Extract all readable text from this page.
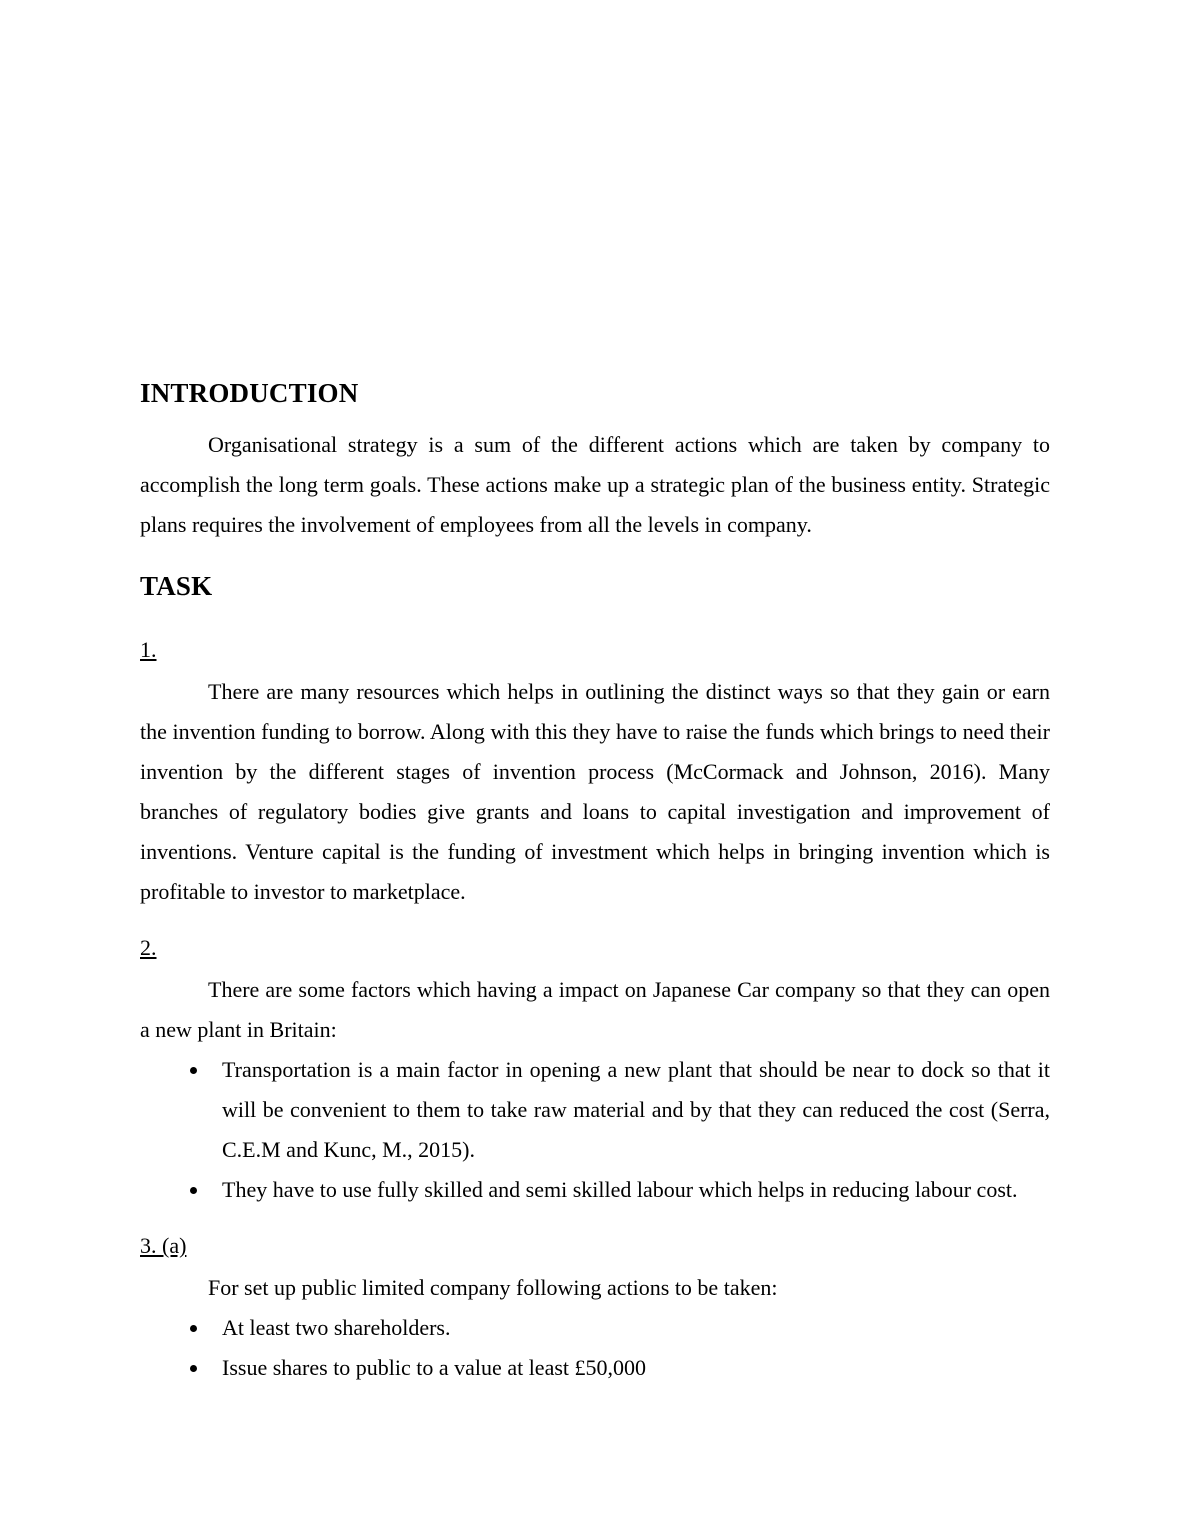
INTRODUCTION

Organisational strategy is a sum of the different actions which are taken by company to accomplish the long term goals. These actions make up a strategic plan of the business entity. Strategic plans requires the involvement of employees from all the levels in company.

TASK
1.

There are many resources which helps in outlining the distinct ways so that they gain or earn the invention funding to borrow. Along with this they have to raise the funds which brings to need their invention by the different stages of invention process (McCormack and Johnson, 2016). Many branches of regulatory bodies give grants and loans to capital investigation and improvement of inventions. Venture capital is the funding of investment which helps in bringing invention which is profitable to investor to marketplace.

2.

There are some factors which having a impact on Japanese Car company so that they can open a new plant in Britain:

• Transportation is a main factor in opening a new plant that should be near to dock so that it will be convenient to them to take raw material and by that they can reduced the cost (Serra, C.E.M and Kunc, M., 2015).
• They have to use fully skilled and semi skilled labour which helps in reducing labour cost.
3. (a)

For set up public limited company following actions to be taken:

• At least two shareholders.
• Issue shares to public to a value at least £50,000
